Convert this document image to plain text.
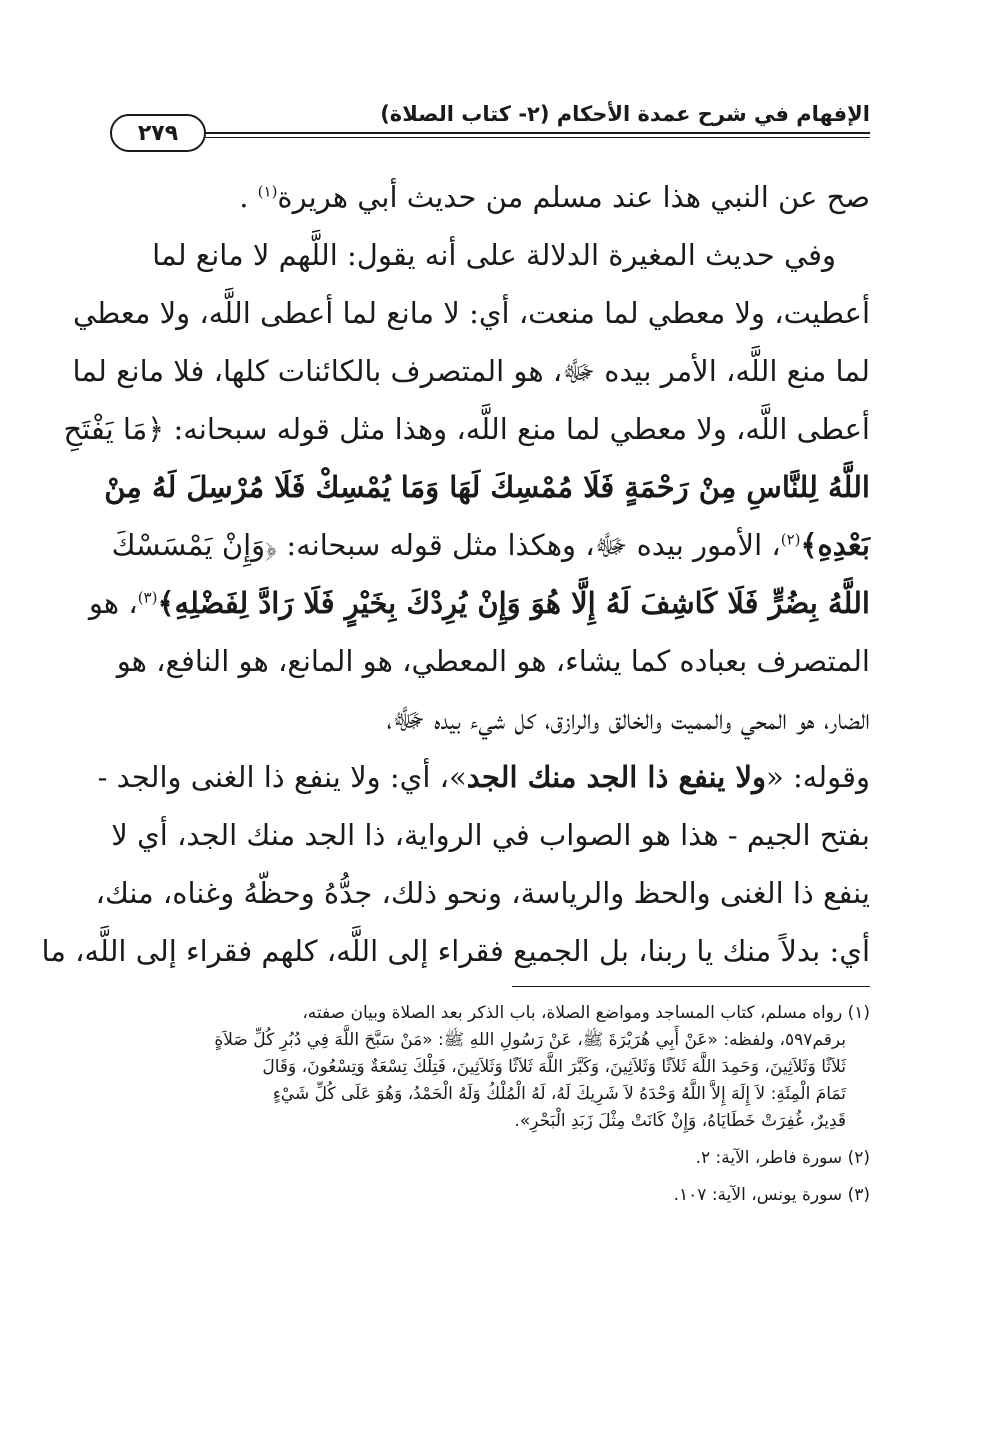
٢٧٩
الإفهام في شرح عمدة الأحكام (٢- كتاب الصلاة)
صح عن النبي هذا عند مسلم من حديث أبي هريرة$^{(١)}$ .
وفي حديث المغيرة الدلالة على أنه يقول: اللَّهم لا مانع لما
أعطيت، ولا معطي لما منعت، أي: لا مانع لما أعطى اللَّه، ولا معطي
لما منع اللَّه، الأمر بيده ﷻ، هو المتصرف بالكائنات كلها، فلا مانع لما
أعطى اللَّه، ولا معطي لما منع اللَّه، وهذا مثل قوله سبحانه: ﴿مَا يَفْتَحِ
اللَّهُ لِلنَّاسِ مِنْ رَحْمَةٍ فَلَا مُمْسِكَ لَهَا وَمَا يُمْسِكْ فَلَا مُرْسِلَ لَهُ مِنْ
بَعْدِهِ﴾$^{(٢)}$، الأمور بيده ﷻ، وهكذا مثل قوله سبحانه: ﴿وَإِنْ يَمْسَسْكَ
اللَّهُ بِضُرٍّ فَلَا كَاشِفَ لَهُ إِلَّا هُوَ وَإِنْ يُرِدْكَ بِخَيْرٍ فَلَا رَادَّ لِفَضْلِهِ﴾$^{(٣)}$، هو
المتصرف بعباده كما يشاء، هو المعطي، هو المانع، هو النافع، هو
الضار، هو المحي والمميت والخالق والرازق، كل شيء بيده ﷻ،
وقوله: «ولا ينفع ذا الجد منك الجد»، أي: ولا ينفع ذا الغنى والجد -
بفتح الجيم - هذا هو الصواب في الرواية، ذا الجد منك الجد، أي لا
ينفع ذا الغنى والحظ والرياسة، ونحو ذلك، جدُّهُ وحظّهُ وغناه، منك،
أي: بدلاً منك يا ربنا، بل الجميع فقراء إلى اللَّه، كلهم فقراء إلى اللَّه، ما
(١) رواه مسلم، كتاب المساجد ومواضع الصلاة، باب الذكر بعد الصلاة وبيان صفته،
برقم٥٩٧، ولفظه: «عَنْ أَبِي هُرَيْرَةَ ﷺ، عَنْ رَسُولِ اللهِ ﷺ: «مَنْ سَبَّحَ اللَّهَ فِي دُبُرِ كُلِّ صَلاَةٍ
ثَلاَثًا وَثَلاَثِينَ، وَحَمِدَ اللَّهَ ثَلاَثًا وَثَلاَثِينَ، وَكَبَّرَ اللَّهَ ثَلاَثًا وَثَلاَثِينَ، فَتِلْكَ تِسْعَةٌ وَتِسْعُونَ، وَقَالَ
تَمَامَ الْمِئَةِ: لاَ إِلَهَ إِلاَّ اللَّهُ وَحْدَهُ لاَ شَرِيكَ لَهُ، لَهُ الْمُلْكُ وَلَهُ الْحَمْدُ، وَهُوَ عَلَى كُلِّ شَيْءٍ
قَدِيرٌ، غُفِرَتْ خَطَايَاهُ، وَإِنْ كَانَتْ مِثْلَ زَبَدِ الْبَحْرِ».
(٢) سورة فاطر، الآية: ٢.
(٣) سورة يونس، الآية: ١٠٧.
